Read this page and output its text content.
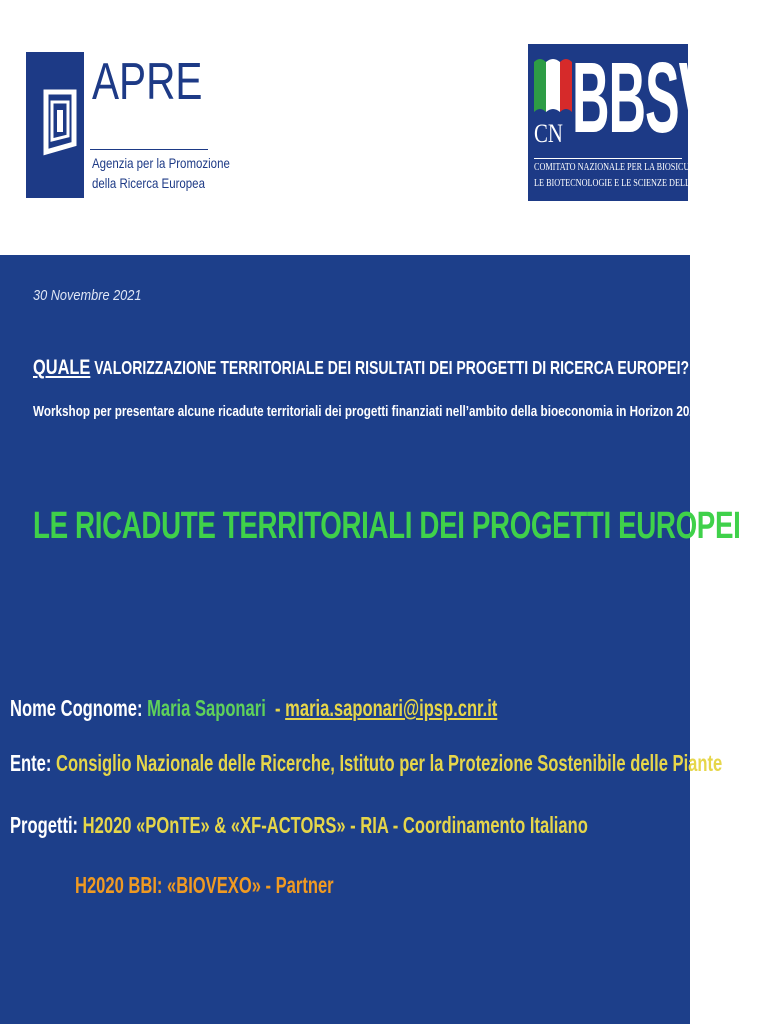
APRE
Agenzia per la Promozione
della Ricerca Europea
CN BBSV
COMITATO NAZIONALE PER LA BIOSICUREZZA
LE BIOTECNOLOGIE E LE SCIENZE DELLA VITA
30 Novembre 2021
QUALE VALORIZZAZIONE TERRITORIALE DEI RISULTATI DEI PROGETTI DI RICERCA EUROPEI?
Workshop per presentare alcune ricadute territoriali dei progetti finanziati nell’ambito della bioeconomia in Horizon 2020
LE RICADUTE TERRITORIALI DEI PROGETTI EUROPEI
Nome Cognome: Maria Saponari  - maria.saponari@ipsp.cnr.it
Ente: Consiglio Nazionale delle Ricerche, Istituto per la Protezione Sostenibile delle Piante
Progetti: H2020 «POnTE» & «XF-ACTORS» - RIA - Coordinamento Italiano
H2020 BBI: «BIOVEXO» - Partner
